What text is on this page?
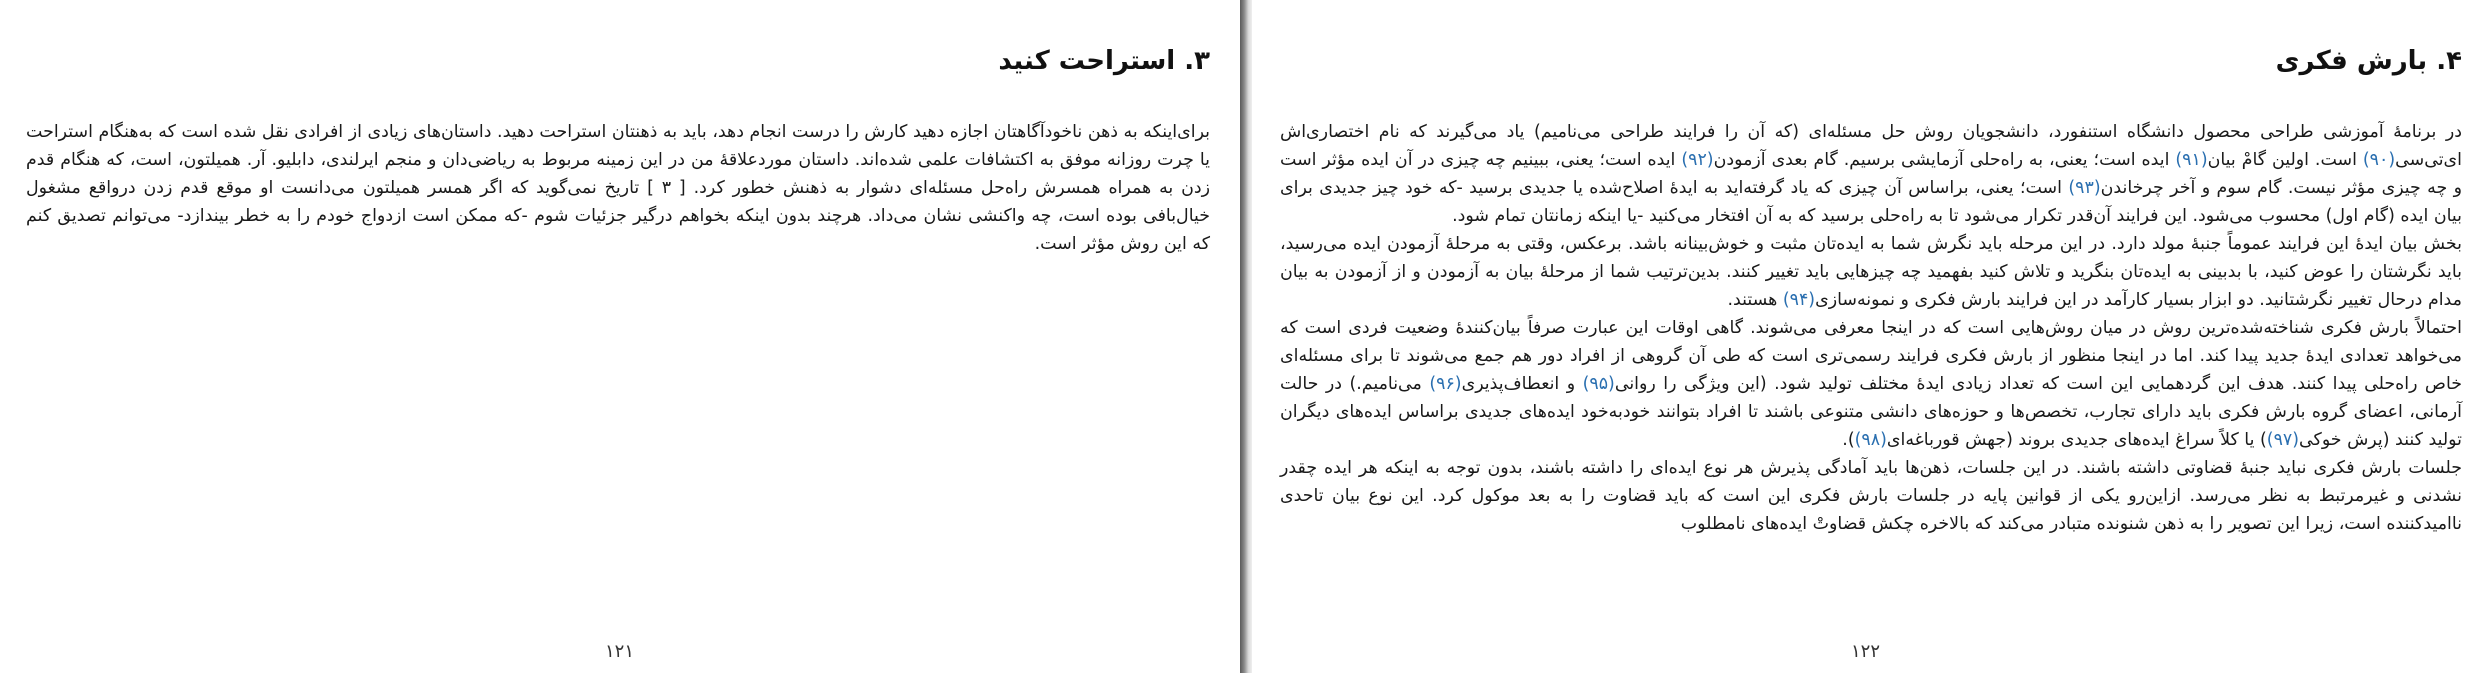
۳. استراحت کنید

برای‌اینکه به ذهن ناخودآگاهتان اجازه دهید کارش را درست انجام دهد، باید به ذهنتان استراحت دهید. داستان‌های زیادی از افرادی نقل شده است که به‌هنگام استراحت یا چرت روزانه موفق به اکتشافات علمی شده‌اند. داستان موردعلاقهٔ من در این زمینه مربوط به ریاضی‌دان و منجم ایرلندی، دابلیو. آر. همیلتون، است، که هنگام قدم زدن به همراه همسرش راه‌حل مسئله‌ای دشوار به ذهنش خطور کرد. [ ۳ ] تاریخ نمی‌گوید که اگر همسر همیلتون می‌دانست او موقع قدم زدن درواقع مشغول خیال‌بافی بوده است، چه واکنشی نشان می‌داد. هرچند بدون اینکه بخواهم درگیر جزئیات شوم -که ممکن است ازدواج خودم را به خطر بیندازد- می‌توانم تصدیق کنم که این روش مؤثر است.

۱۲۱
۴. بارش فکری

در برنامهٔ آموزشی طراحی محصول دانشگاه استنفورد، دانشجویان روش حل مسئله‌ای (که آن را فرایند طراحی می‌نامیم) یاد می‌گیرند که نام اختصاری‌اش ای‌تی‌سی(۹۰) است. اولین گامْ بیان(۹۱) ایده است؛ یعنی، به راه‌حلی آزمایشی برسیم. گام بعدی آزمودن(۹۲) ایده است؛ یعنی، ببینیم چه چیزی در آن ایده مؤثر است و چه چیزی مؤثر نیست. گام سوم و آخر چرخاندن(۹۳) است؛ یعنی، براساس آن چیزی که یاد گرفته‌اید به ایدهٔ اصلاح‌شده یا جدیدی برسید -که خود چیز جدیدی برای بیان ایده (گام اول) محسوب می‌شود. این فرایند آن‌قدر تکرار می‌شود تا به راه‌حلی برسید که به آن افتخار می‌کنید -یا اینکه زمانتان تمام شود.

بخش بیان ایدهٔ این فرایند عموماً جنبهٔ مولد دارد. در این مرحله باید نگرش شما به ایده‌تان مثبت و خوش‌بینانه باشد. برعکس، وقتی به مرحلهٔ آزمودن ایده می‌رسید، باید نگرشتان را عوض کنید، با بدبینی به ایده‌تان بنگرید و تلاش کنید بفهمید چه چیزهایی باید تغییر کنند. بدین‌ترتیب شما از مرحلهٔ بیان به آزمودن و از آزمودن به بیان مدام درحال تغییر نگرشتانید. دو ابزار بسیار کارآمد در این فرایند بارش فکری و نمونه‌سازی(۹۴) هستند.

احتمالاً بارش فکری شناخته‌شده‌ترین روش در میان روش‌هایی است که در اینجا معرفی می‌شوند. گاهی اوقات این عبارت صرفاً بیان‌کنندهٔ وضعیت فردی است که می‌خواهد تعدادی ایدهٔ جدید پیدا کند. اما در اینجا منظور از بارش فکری فرایند رسمی‌تری است که طی آن گروهی از افراد دور هم جمع می‌شوند تا برای مسئله‌ای خاص راه‌حلی پیدا کنند. هدف این گردهمایی این است که تعداد زیادی ایدهٔ مختلف تولید شود. (این ویژگی را روانی(۹۵) و انعطاف‌پذیری(۹۶) می‌نامیم.) در حالت آرمانی، اعضای گروه بارش فکری باید دارای تجارب، تخصص‌ها و حوزه‌های دانشی متنوعی باشند تا افراد بتوانند خودبه‌خود ایده‌های جدیدی براساس ایده‌های دیگران تولید کنند (پرش خوکی(۹۷)) یا کلاً سراغ ایده‌های جدیدی بروند (جهش قورباغه‌ای(۹۸)).

جلسات بارش فکری نباید جنبهٔ قضاوتی داشته باشند. در این جلسات، ذهن‌ها باید آمادگی پذیرش هر نوع ایده‌ای را داشته باشند، بدون توجه به اینکه هر ایده چقدر نشدنی و غیرمرتبط به نظر می‌رسد. ازاین‌رو یکی از قوانین پایه در جلسات بارش فکری این است که باید قضاوت را به بعد موکول کرد. این نوع بیان تاحدی ناامیدکننده است، زیرا این تصویر را به ذهن شنونده متبادر می‌کند که بالاخره چکش قضاوتْ ایده‌های نامطلوب

۱۲۲
